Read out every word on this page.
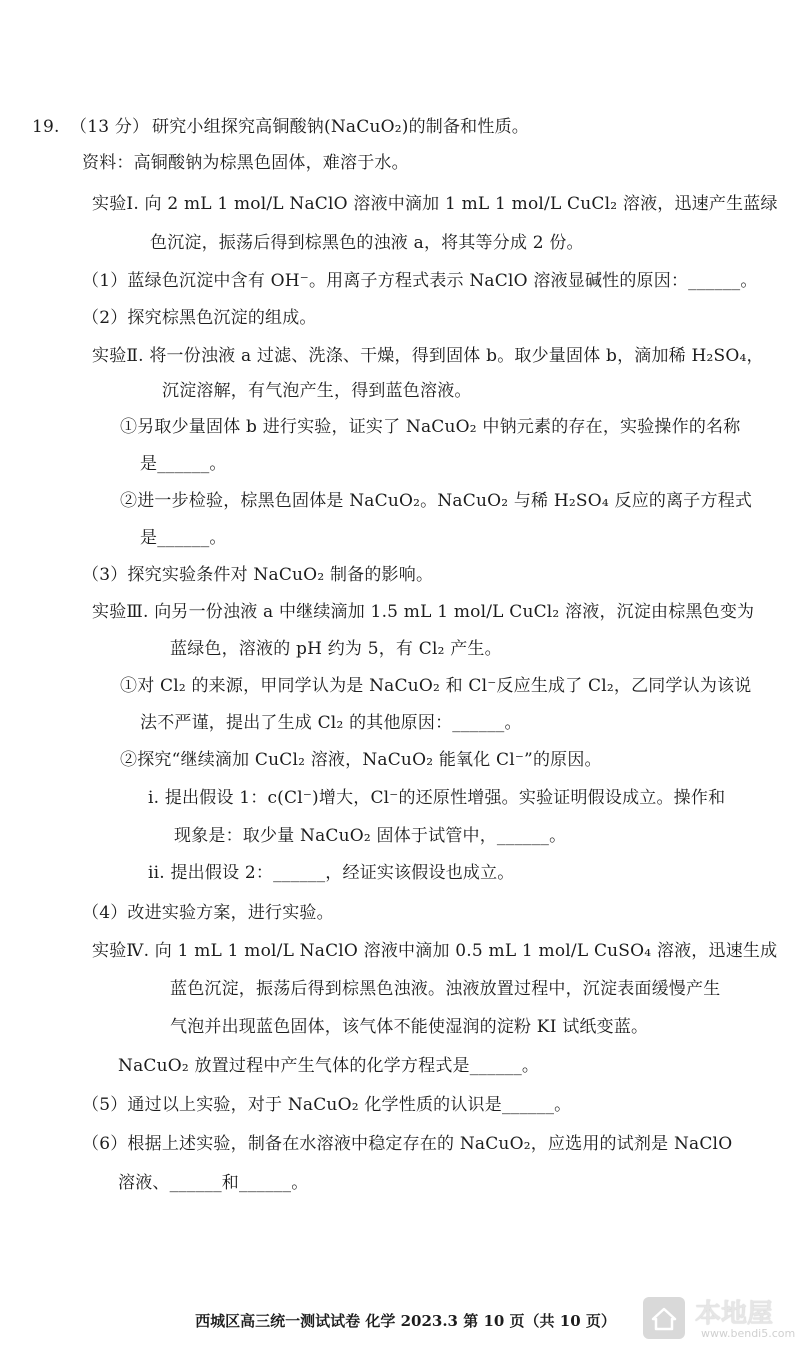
19. （13 分） 研究小组探究高铜酸钠(NaCuO₂)的制备和性质。
资料：高铜酸钠为棕黑色固体，难溶于水。
实验Ⅰ. 向 2 mL 1 mol/L NaClO 溶液中滴加 1 mL 1 mol/L CuCl₂ 溶液，迅速产生蓝绿
色沉淀，振荡后得到棕黑色的浊液 a，将其等分成 2 份。
（1）蓝绿色沉淀中含有 OH⁻。用离子方程式表示 NaClO 溶液显碱性的原因：______。
（2）探究棕黑色沉淀的组成。
实验Ⅱ. 将一份浊液 a 过滤、洗涤、干燥，得到固体 b。取少量固体 b，滴加稀 H₂SO₄，
沉淀溶解，有气泡产生，得到蓝色溶液。
①另取少量固体 b 进行实验，证实了 NaCuO₂ 中钠元素的存在，实验操作的名称
是______。
②进一步检验，棕黑色固体是 NaCuO₂。NaCuO₂ 与稀 H₂SO₄ 反应的离子方程式
是______。
（3）探究实验条件对 NaCuO₂ 制备的影响。
实验Ⅲ. 向另一份浊液 a 中继续滴加 1.5 mL 1 mol/L CuCl₂ 溶液，沉淀由棕黑色变为
蓝绿色，溶液的 pH 约为 5，有 Cl₂ 产生。
①对 Cl₂ 的来源，甲同学认为是 NaCuO₂ 和 Cl⁻反应生成了 Cl₂，乙同学认为该说
法不严谨，提出了生成 Cl₂ 的其他原因：______。
②探究“继续滴加 CuCl₂ 溶液，NaCuO₂ 能氧化 Cl⁻”的原因。
i. 提出假设 1：c(Cl⁻)增大，Cl⁻的还原性增强。实验证明假设成立。操作和
现象是：取少量 NaCuO₂ 固体于试管中，______。
ii. 提出假设 2：______，经证实该假设也成立。
（4）改进实验方案，进行实验。
实验Ⅳ. 向 1 mL 1 mol/L NaClO 溶液中滴加 0.5 mL 1 mol/L CuSO₄ 溶液，迅速生成
蓝色沉淀，振荡后得到棕黑色浊液。浊液放置过程中，沉淀表面缓慢产生
气泡并出现蓝色固体，该气体不能使湿润的淀粉 KI 试纸变蓝。
NaCuO₂ 放置过程中产生气体的化学方程式是______。
（5）通过以上实验，对于 NaCuO₂ 化学性质的认识是______。
（6）根据上述实验，制备在水溶液中稳定存在的 NaCuO₂，应选用的试剂是 NaClO
溶液、______和______。
西城区高三统一测试试卷 化学 2023.3 第 10 页（共 10 页）	本地屋
www.bendi5.com
